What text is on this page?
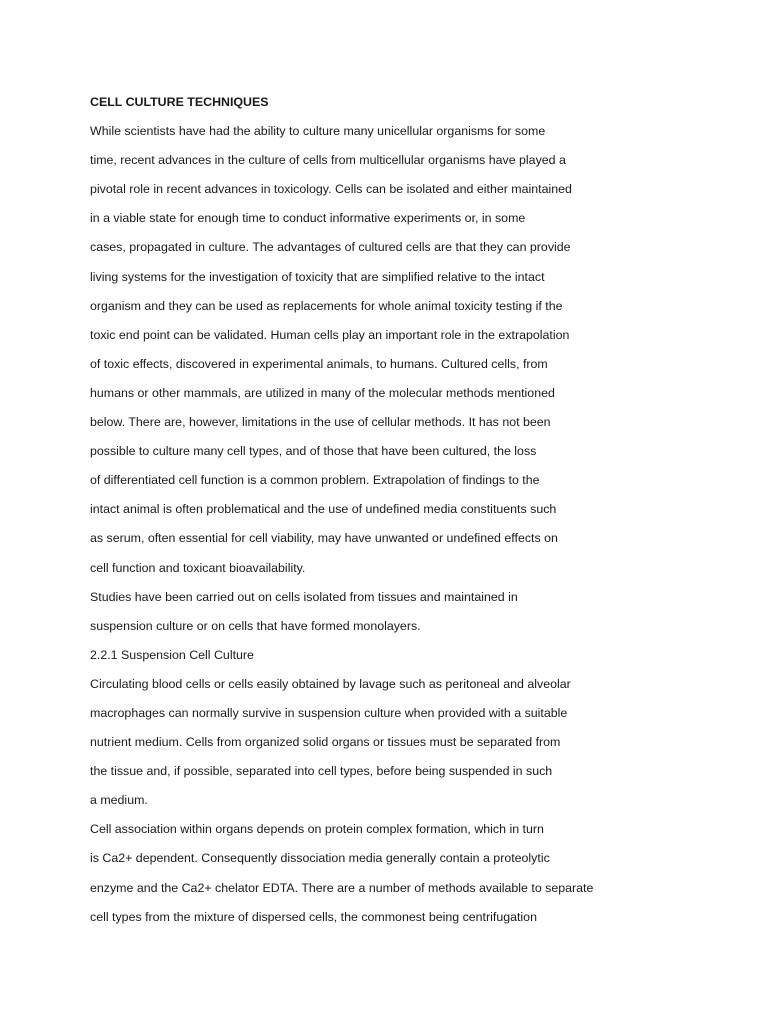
CELL CULTURE TECHNIQUES
While scientists have had the ability to culture many unicellular organisms for some
time, recent advances in the culture of cells from multicellular organisms have played a
pivotal role in recent advances in toxicology. Cells can be isolated and either maintained
in a viable state for enough time to conduct informative experiments or, in some
cases, propagated in culture. The advantages of cultured cells are that they can provide
living systems for the investigation of toxicity that are simplified relative to the intact
organism and they can be used as replacements for whole animal toxicity testing if the
toxic end point can be validated. Human cells play an important role in the extrapolation
of toxic effects, discovered in experimental animals, to humans. Cultured cells, from
humans or other mammals, are utilized in many of the molecular methods mentioned
below. There are, however, limitations in the use of cellular methods. It has not been
possible to culture many cell types, and of those that have been cultured, the loss
of differentiated cell function is a common problem. Extrapolation of findings to the
intact animal is often problematical and the use of undefined media constituents such
as serum, often essential for cell viability, may have unwanted or undefined effects on
cell function and toxicant bioavailability.
Studies have been carried out on cells isolated from tissues and maintained in
suspension culture or on cells that have formed monolayers.
2.2.1 Suspension Cell Culture
Circulating blood cells or cells easily obtained by lavage such as peritoneal and alveolar
macrophages can normally survive in suspension culture when provided with a suitable
nutrient medium. Cells from organized solid organs or tissues must be separated from
the tissue and, if possible, separated into cell types, before being suspended in such
a medium.
Cell association within organs depends on protein complex formation, which in turn
is Ca2+ dependent. Consequently dissociation media generally contain a proteolytic
enzyme and the Ca2+ chelator EDTA. There are a number of methods available to separate
cell types from the mixture of dispersed cells, the commonest being centrifugation
